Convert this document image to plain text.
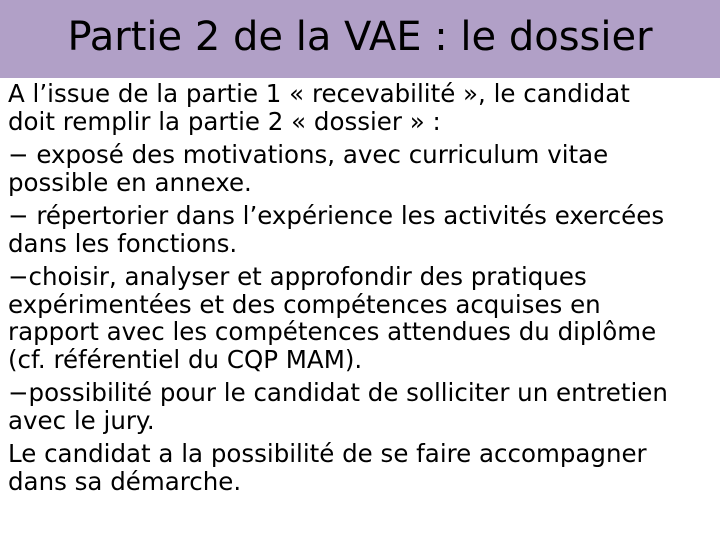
Partie 2 de la VAE : le dossier
A l’issue de la partie 1 « recevabilité », le candidat
doit remplir la partie 2 « dossier » :
− exposé des motivations, avec curriculum vitae
possible en annexe.
− répertorier dans l’expérience les activités exercées
dans les fonctions.
−choisir, analyser et approfondir des pratiques
expérimentées et des compétences acquises en
rapport avec les compétences attendues du diplôme
(cf. référentiel du CQP MAM).
−possibilité pour le candidat de solliciter un entretien
avec le jury.
Le candidat a la possibilité de se faire accompagner
dans sa démarche.
